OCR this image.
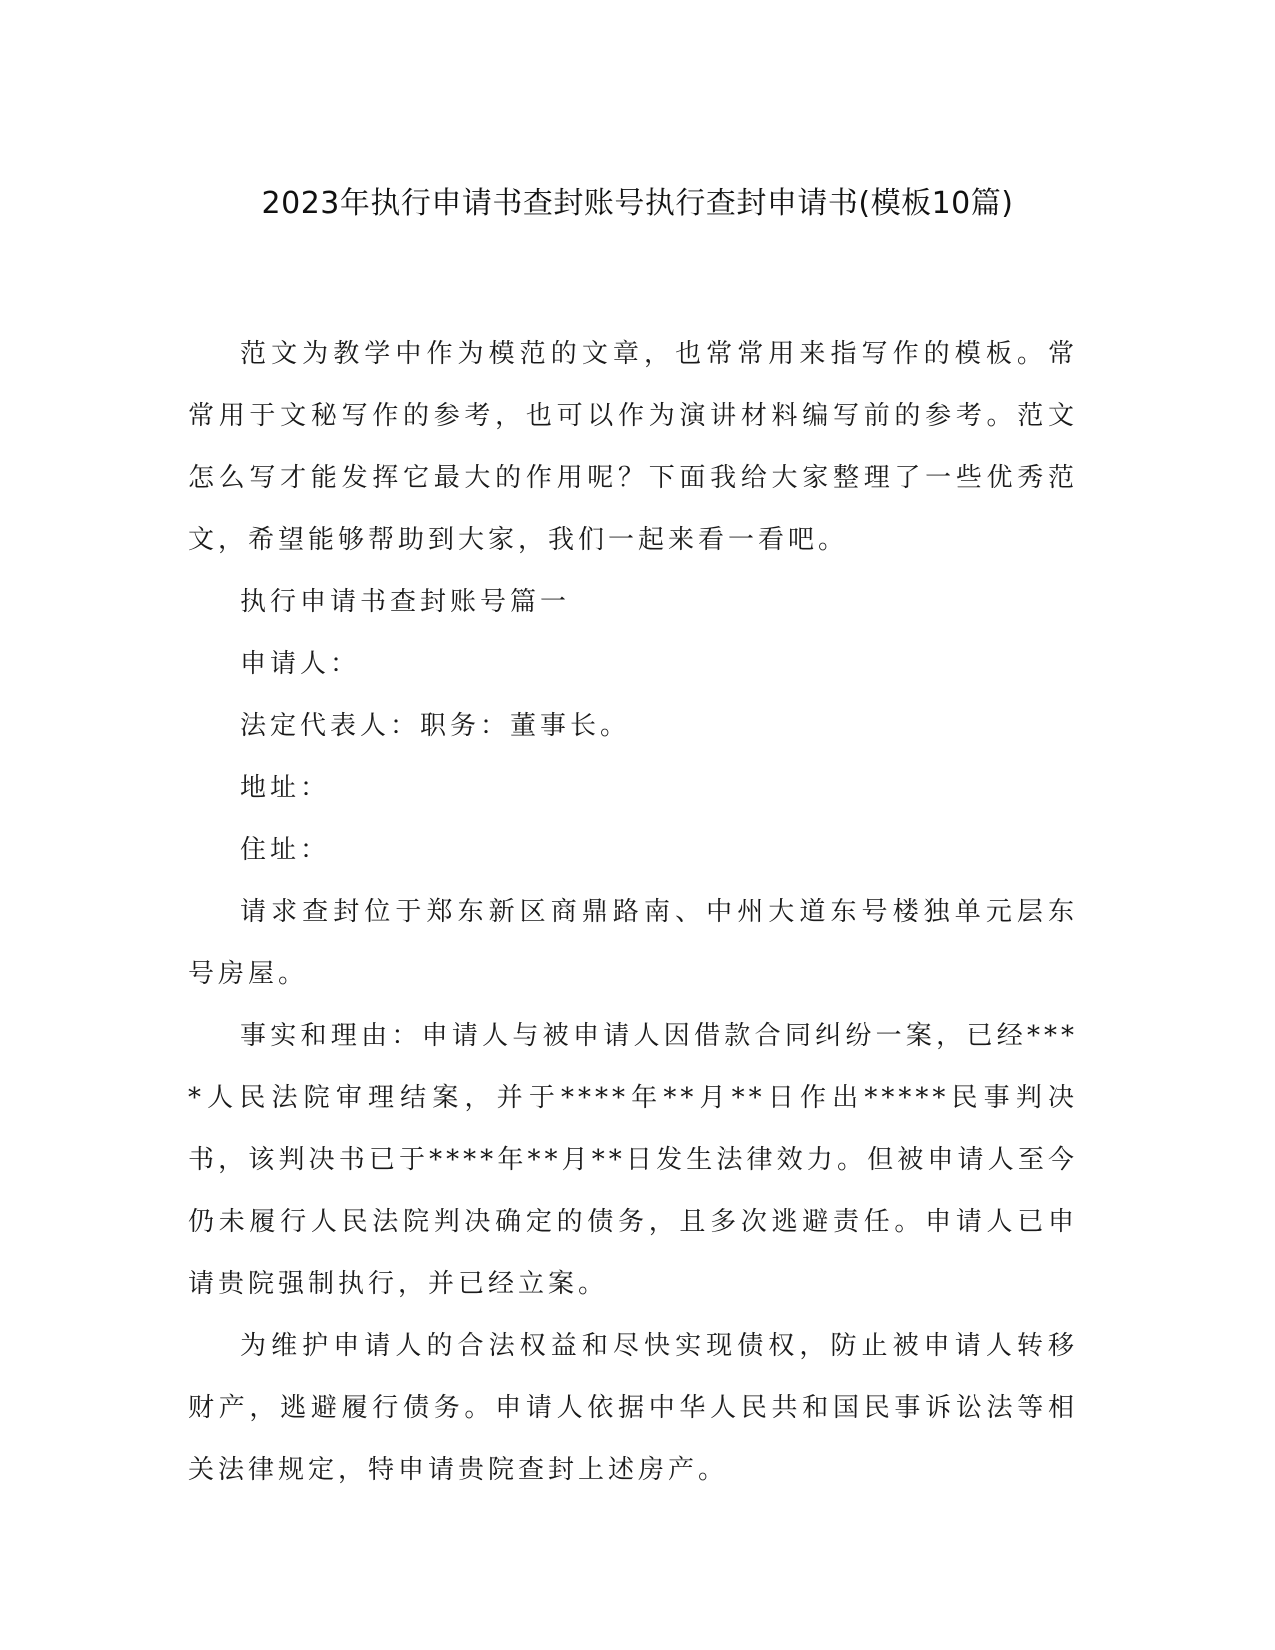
2023年执行申请书查封账号执行查封申请书(模板10篇)

范文为教学中作为模范的文章，也常常用来指写作的模板。常常用于文秘写作的参考，也可以作为演讲材料编写前的参考。范文怎么写才能发挥它最大的作用呢？下面我给大家整理了一些优秀范文，希望能够帮助到大家，我们一起来看一看吧。

执行申请书查封账号篇一

申请人：

法定代表人：职务：董事长。

地址：

住址：

请求查封位于郑东新区商鼎路南、中州大道东号楼独单元层东号房屋。

事实和理由：申请人与被申请人因借款合同纠纷一案，已经****人民法院审理结案，并于****年**月**日作出*****民事判决书，该判决书已于****年**月**日发生法律效力。但被申请人至今仍未履行人民法院判决确定的债务，且多次逃避责任。申请人已申请贵院强制执行，并已经立案。

为维护申请人的合法权益和尽快实现债权，防止被申请人转移财产，逃避履行债务。申请人依据中华人民共和国民事诉讼法等相关法律规定，特申请贵院查封上述房产。
